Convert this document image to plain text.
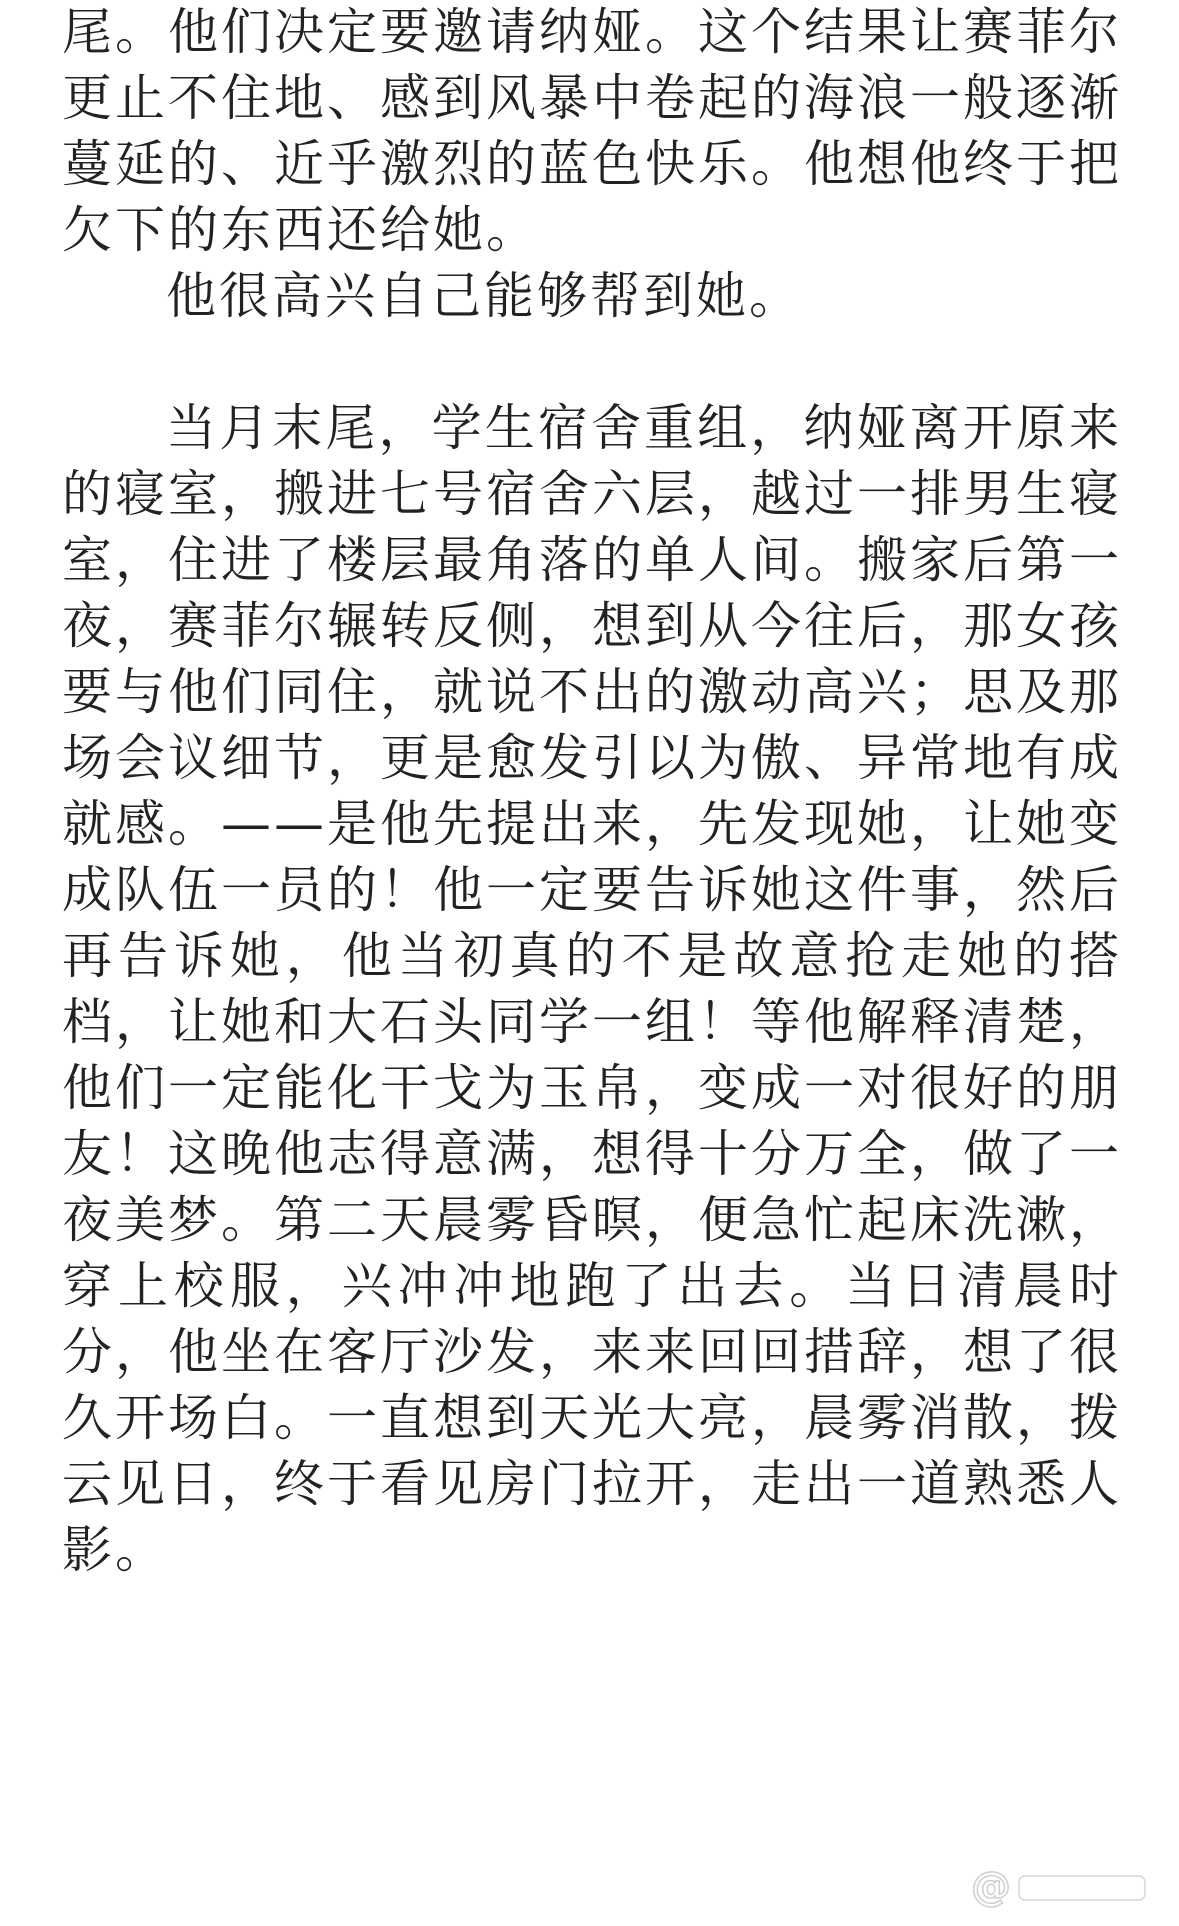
尾。他们决定要邀请纳娅。这个结果让赛菲尔

更止不住地、感到风暴中卷起的海浪一般逐渐

蔓延的、近乎激烈的蓝色快乐。他想他终于把

欠下的东西还给她。

他很高兴自己能够帮到她。

当月末尾，学生宿舍重组，纳娅离开原来

的寝室，搬进七号宿舍六层，越过一排男生寝

室，住进了楼层最角落的单人间。搬家后第一

夜，赛菲尔辗转反侧，想到从今往后，那女孩

要与他们同住，就说不出的激动高兴；思及那

场会议细节，更是愈发引以为傲、异常地有成

就感。——是他先提出来，先发现她，让她变

成队伍一员的！他一定要告诉她这件事，然后

再告诉她，他当初真的不是故意抢走她的搭

档，让她和大石头同学一组！等他解释清楚，

他们一定能化干戈为玉帛，变成一对很好的朋

友！这晚他志得意满，想得十分万全，做了一

夜美梦。第二天晨雾昏暝，便急忙起床洗漱，

穿上校服，兴冲冲地跑了出去。当日清晨时

分，他坐在客厅沙发，来来回回措辞，想了很

久开场白。一直想到天光大亮，晨雾消散，拨

云见日，终于看见房门拉开，走出一道熟悉人

影。

@
